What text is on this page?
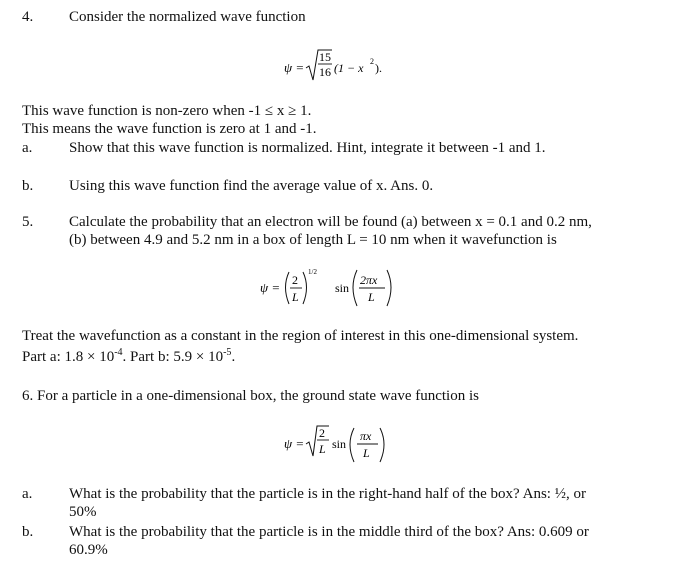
4. Consider the normalized wave function
ψ =
15
16 (1 − x 2 ).
This wave function is non-zero when -1 ≤ x ≥ 1.
This means the wave function is zero at 1 and -1.
a. Show that this wave function is normalized. Hint, integrate it between -1 and 1.
b. Using this wave function find the average value of x. Ans. 0.
5. Calculate the probability that an electron will be found (a) between x = 0.1 and 0.2 nm,
(b) between 4.9 and 5.2 nm in a box of length L = 10 nm when it wavefunction is
ψ = 2
L
1/2
sin
2πx
L
Treat the wavefunction as a constant in the region of interest in this one-dimensional system.
Part a: $1.8 \times 10^{-4}$. Part b: $5.9 \times 10^{-5}$.
6. For a particle in a one-dimensional box, the ground state wave function is
ψ =
2
L sin
πx
L
a. What is the probability that the particle is in the right-hand half of the box? Ans: ½, or
50%
b. What is the probability that the particle is in the middle third of the box? Ans: 0.609 or
60.9%
